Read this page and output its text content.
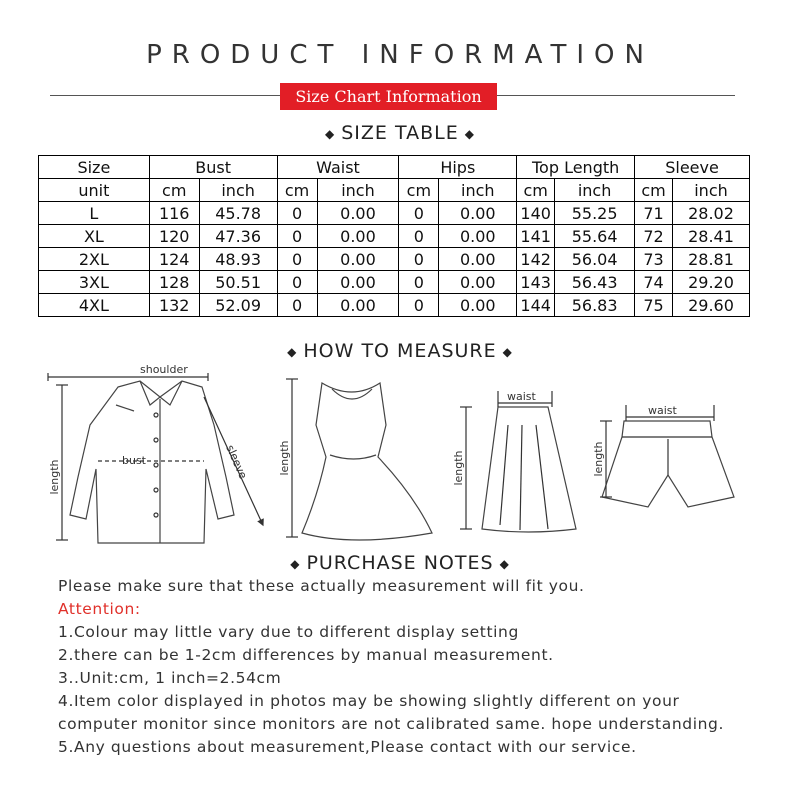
PRODUCT INFORMATION
Size Chart Information
◆ SIZE TABLE ◆
Size	Bust		Waist		Hips		Top Length		Sleeve	
unit	cm	inch	cm	inch	cm	inch	cm	inch	cm	inch
L	116	45.78	0	0.00	0	0.00	140	55.25	71	28.02
XL	120	47.36	0	0.00	0	0.00	141	55.64	72	28.41
2XL	124	48.93	0	0.00	0	0.00	142	56.04	73	28.81
3XL	128	50.51	0	0.00	0	0.00	143	56.43	74	29.20
4XL	132	52.09	0	0.00	0	0.00	144	56.83	75	29.60
◆ HOW TO MEASURE ◆
shoulder
bust	sleeve
length
length
waist
length
waist
length
◆ PURCHASE NOTES ◆

Please make sure that these actually measurement will fit you.

Attention:

1.Colour may little vary due to different display setting

2.there can be 1-2cm differences by manual measurement.

3..Unit:cm, 1 inch=2.54cm

4.Item color displayed in photos may be showing slightly different on your

computer monitor since monitors are not calibrated same. hope understanding.

5.Any questions about measurement,Please contact with our service.
